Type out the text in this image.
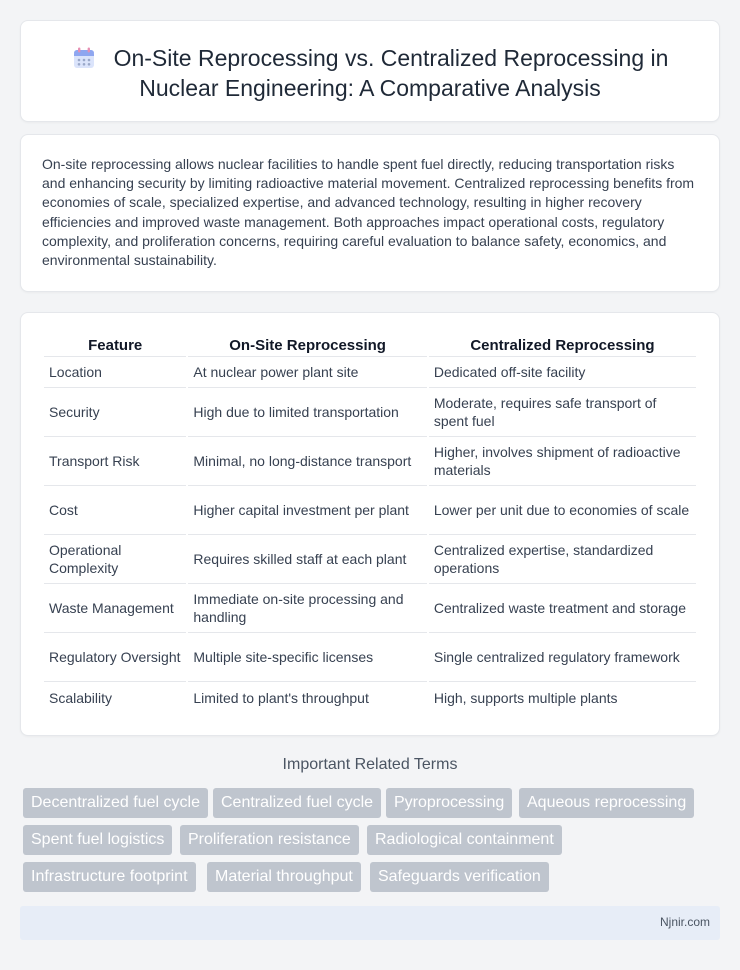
On-Site Reprocessing vs. Centralized Reprocessing in Nuclear Engineering: A Comparative Analysis

On-site reprocessing allows nuclear facilities to handle spent fuel directly, reducing transportation risks and enhancing security by limiting radioactive material movement. Centralized reprocessing benefits from economies of scale, specialized expertise, and advanced technology, resulting in higher recovery efficiencies and improved waste management. Both approaches impact operational costs, regulatory complexity, and proliferation concerns, requiring careful evaluation to balance safety, economics, and environmental sustainability.

Feature	On-Site Reprocessing	Centralized Reprocessing
Location	At nuclear power plant site	Dedicated off-site facility
Security	High due to limited transportation	Moderate, requires safe transport of spent fuel
Transport Risk	Minimal, no long-distance transport	Higher, involves shipment of radioactive materials
Cost	Higher capital investment per plant	Lower per unit due to economies of scale
Operational Complexity	Requires skilled staff at each plant	Centralized expertise, standardized operations
Waste Management	Immediate on-site processing and handling	Centralized waste treatment and storage
Regulatory Oversight	Multiple site-specific licenses	Single centralized regulatory framework
Scalability	Limited to plant's throughput	High, supports multiple plants
Important Related Terms
Decentralized fuel cycle	Centralized fuel cycle	Pyroprocessing	Aqueous reprocessing
Spent fuel logistics	Proliferation resistance	Radiological containment
Infrastructure footprint	Material throughput	Safeguards verification
Njnir.com
